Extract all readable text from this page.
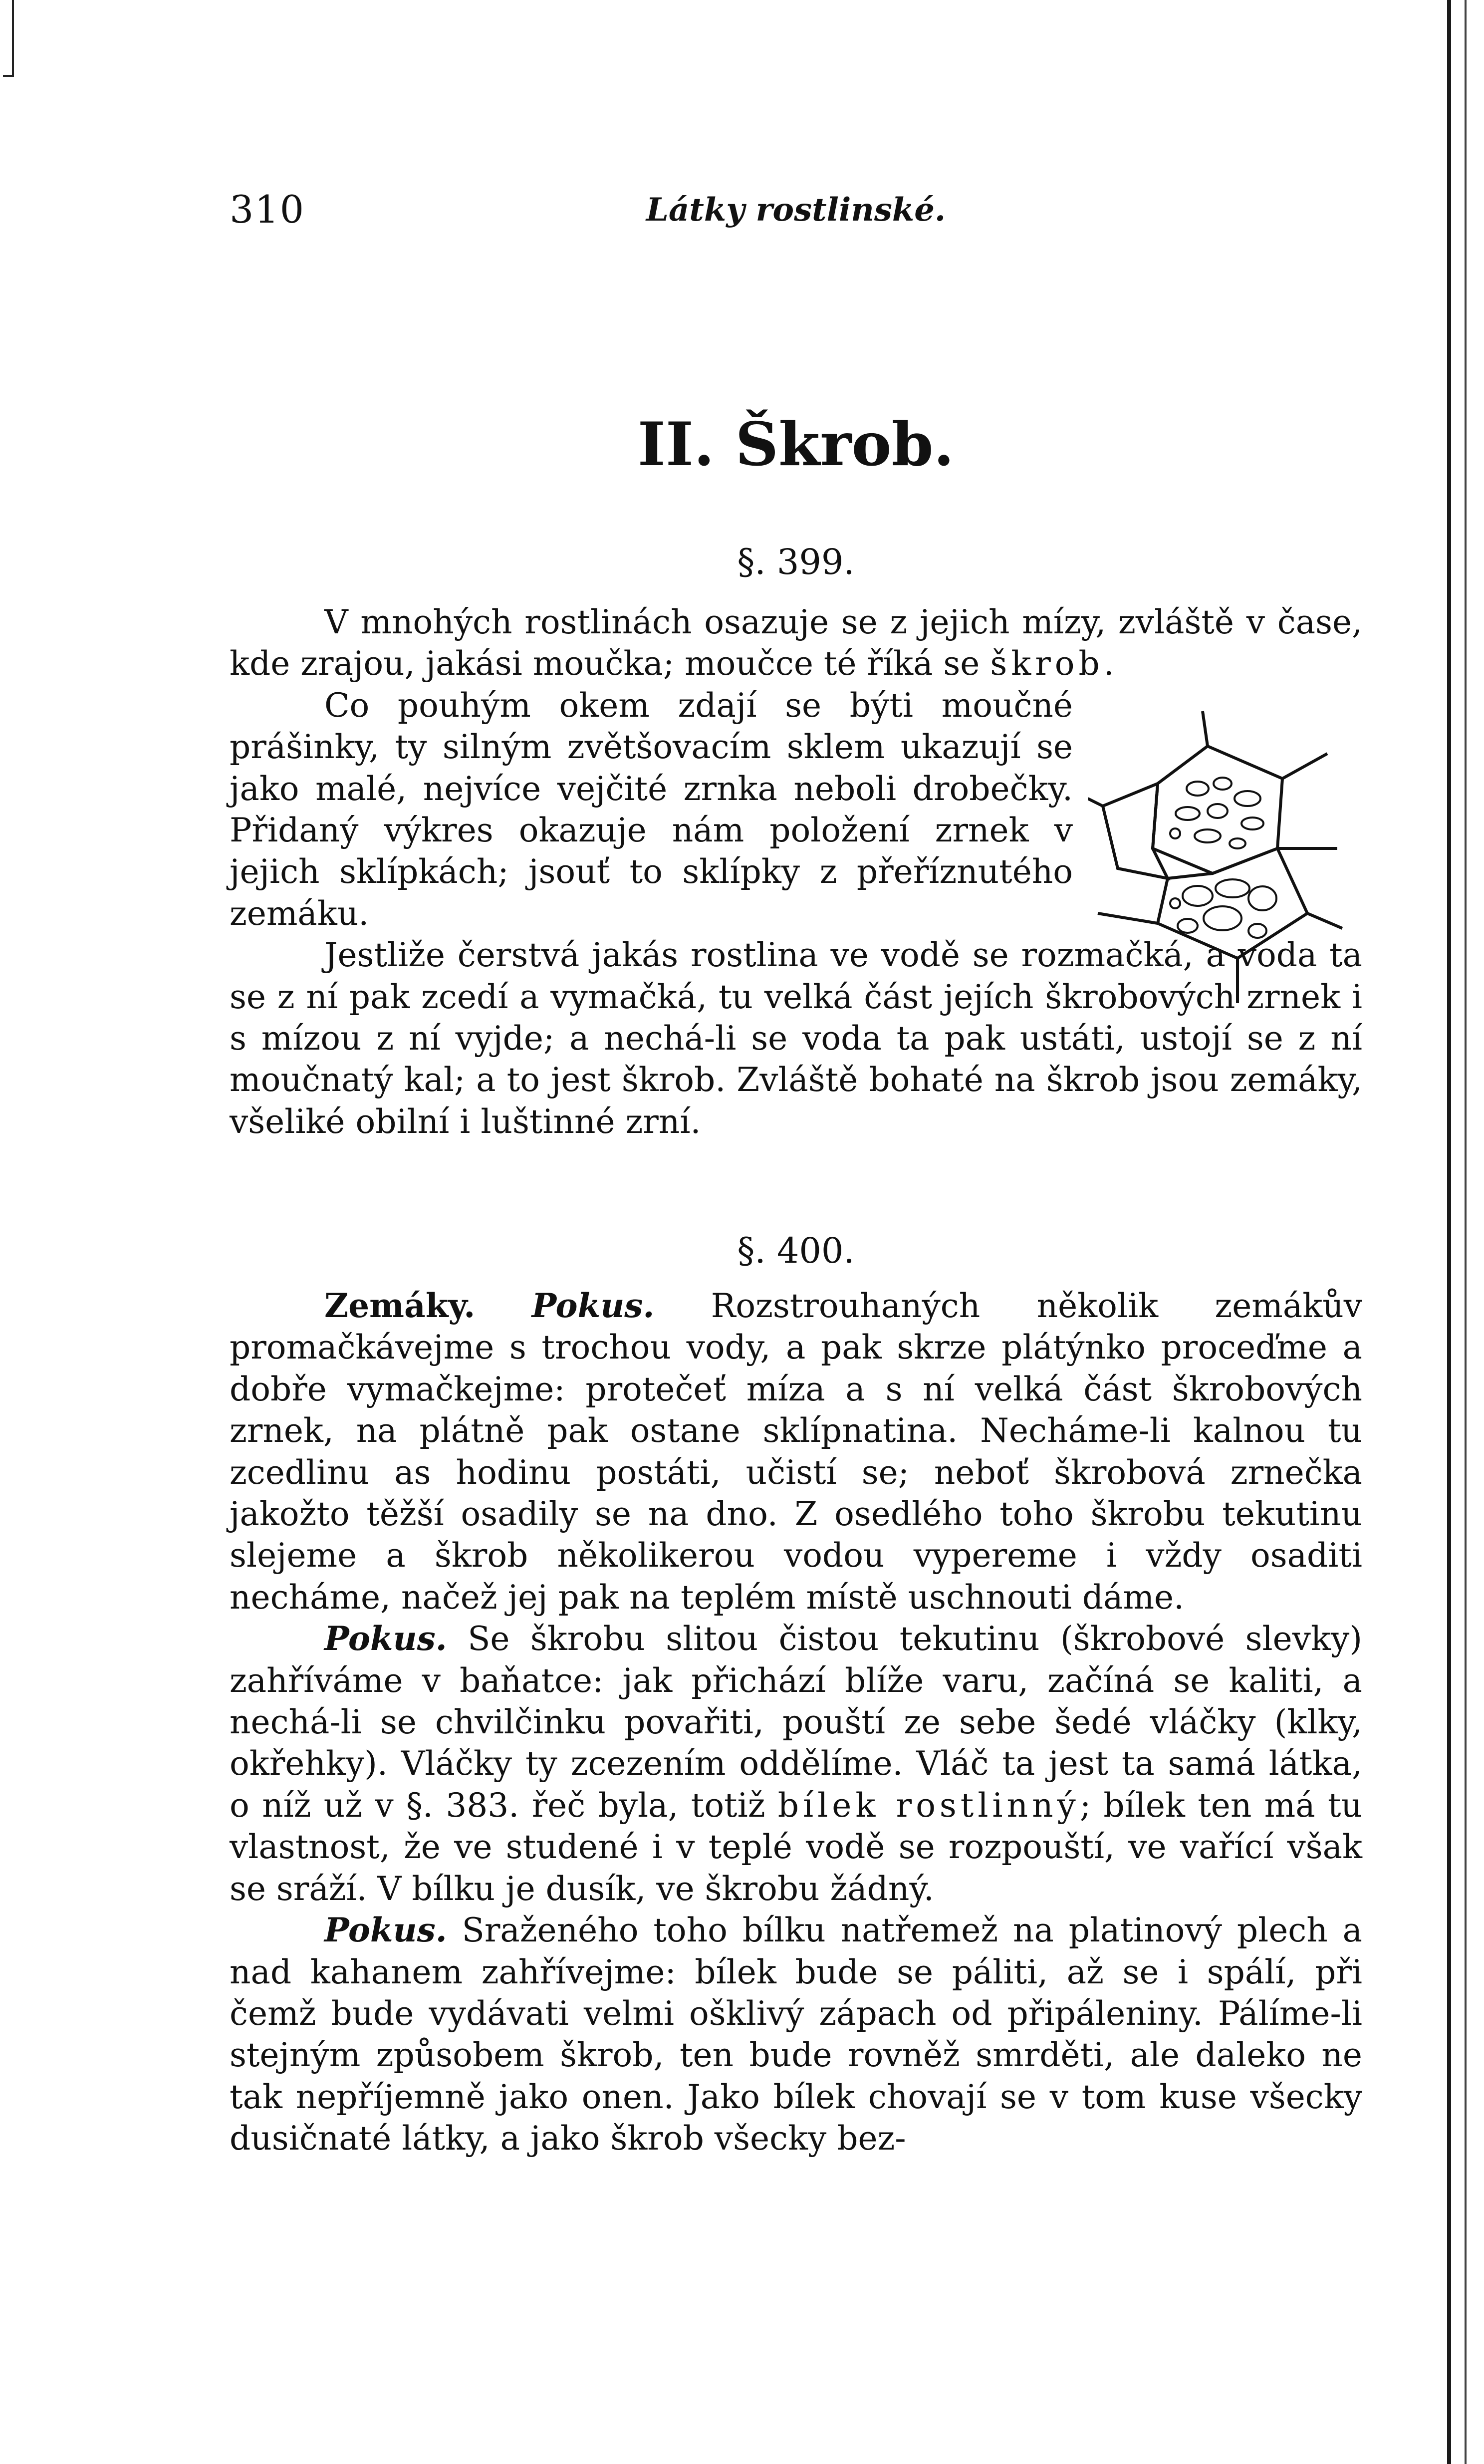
310	Látky rostlinské.
II. Škrob.
§. 399.

V mnohých rostlinách osazuje se z jejich mízy, zvláště v čase, kde zrajou, jakási moučka; moučce té říká se škrob.

Co pouhým okem zdají se býti moučné prášinky, ty silným zvětšovacím sklem ukazují se jako malé, nejvíce vejčité zrnka neboli drobečky. Přidaný výkres okazuje nám položení zrnek v jejich sklípkách; jsouť to sklípky z přeříznutého zemáku.

Jestliže čerstvá jakás rostlina ve vodě se rozmačká, a voda ta se z ní pak zcedí a vymačká, tu velká část jejích škrobových zrnek i s mízou z ní vyjde; a nechá-li se voda ta pak ustáti, ustojí se z ní moučnatý kal; a to jest škrob. Zvláště bohaté na škrob jsou zemáky, všeliké obilní i luštinné zrní.

§. 400.

Zemáky. Pokus. Rozstrouhaných několik zemákův promačkávejme s trochou vody, a pak skrze plátýnko proceďme a dobře vymačkejme: protečeť míza a s ní velká část škrobových zrnek, na plátně pak ostane sklípnatina. Necháme-li kalnou tu zcedlinu as hodinu postáti, učistí se; neboť škrobová zrnečka jakožto těžší osadily se na dno. Z osedlého toho škrobu tekutinu slejeme a škrob několikerou vodou vypereme i vždy osaditi necháme, načež jej pak na teplém místě uschnouti dáme.

Pokus. Se škrobu slitou čistou tekutinu (škrobové slevky) zahříváme v baňatce: jak přichází blíže varu, začíná se kaliti, a nechá-li se chvilčinku povařiti, pouští ze sebe šedé vláčky (klky, okřehky). Vláčky ty zcezením oddělíme. Vláč ta jest ta samá látka, o níž už v §. 383. řeč byla, totiž bílek rostlinný; bílek ten má tu vlastnost, že ve studené i v teplé vodě se rozpouští, ve vařící však se sráží. V bílku je dusík, ve škrobu žádný.

Pokus. Sraženého toho bílku natřemež na platinový plech a nad kahanem zahřívejme: bílek bude se páliti, až se i spálí, při čemž bude vydávati velmi ošklivý zápach od připáleniny. Pálíme-li stejným způsobem škrob, ten bude rovněž smrděti, ale daleko ne tak nepříjemně jako onen. Jako bílek chovají se v tom kuse všecky dusičnaté látky, a jako škrob všecky bez-
